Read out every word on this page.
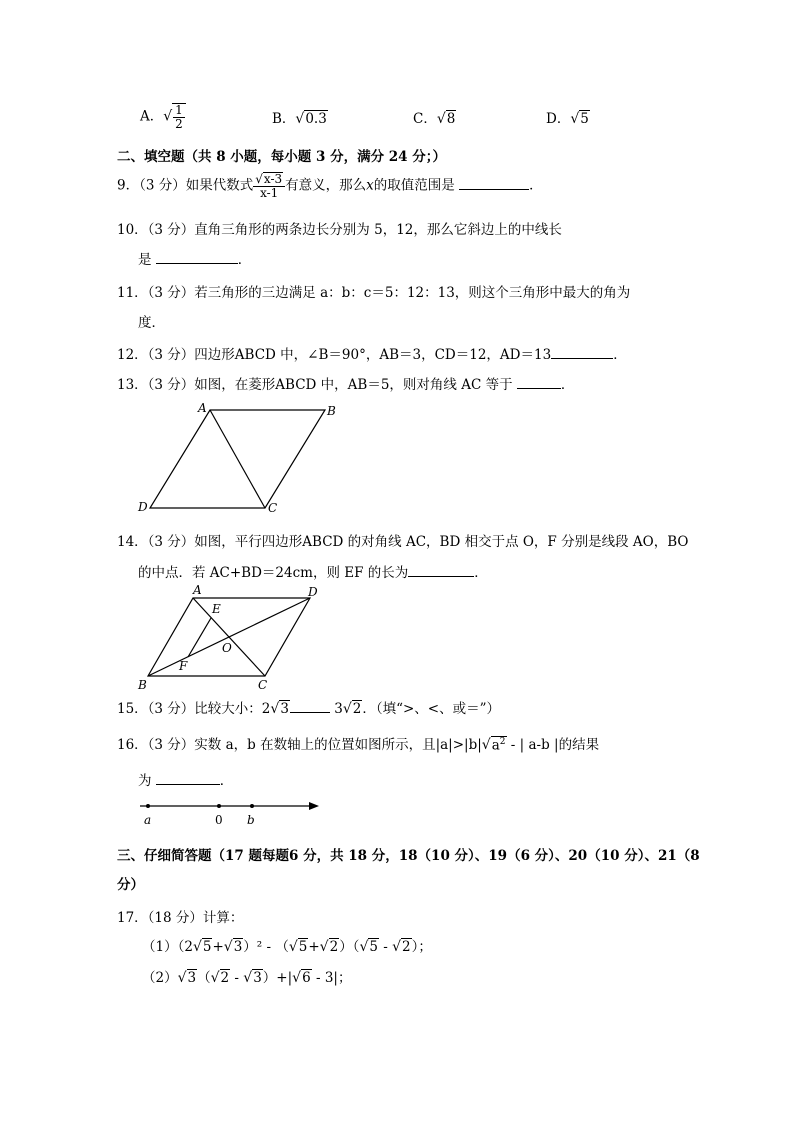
A．√ $\frac{1}{2}$	B．√0.3	C．√8	D．√5
二、填空题（共 8 小题，每小题 3 分，满分 24 分；）
9．（3 分）如果代数式 $\frac{√x-3}{x-1}$ 有意义，那么x的取值范围是	．
10．（3 分）直角三角形的两条边长分别为 5，12，那么它斜边上的中线长
是	．
11．（3 分）若三角形的三边满足 a：b：c＝5：12：13，则这个三角形中最大的角为
度．
12．（3 分）四边形ABCD 中，∠B＝90°，AB＝3，CD＝12，AD＝13	．
13．（3 分）如图，在菱形ABCD 中，AB＝5，则对角线 AC 等于	．
A	B
C
D
14．（3 分）如图，平行四边形ABCD 的对角线 AC，BD 相交于点 O，F 分别是线段 AO，BO
的中点．若 AC+BD＝24cm，则 EF 的长为	．
A	D
E
O
F
B	C
15．（3 分）比较大小：2√3	3√2．（填“>、<、或＝”）
16．（3 分）实数 a，b 在数轴上的位置如图所示，且$|a|>|b|√a^2$ - | a-b |的结果
为	．
a	0 b
三、仔细简答题（17 题每题6 分，共 18 分，18（10 分）、19（6 分）、20（10 分）、21（8
分）
17．（18 分）计算：
（1）（2√5+√3）² - （√5+√2）（√5 - √2）；
（2）√3（√2 - √3）+|√6 - 3|；
